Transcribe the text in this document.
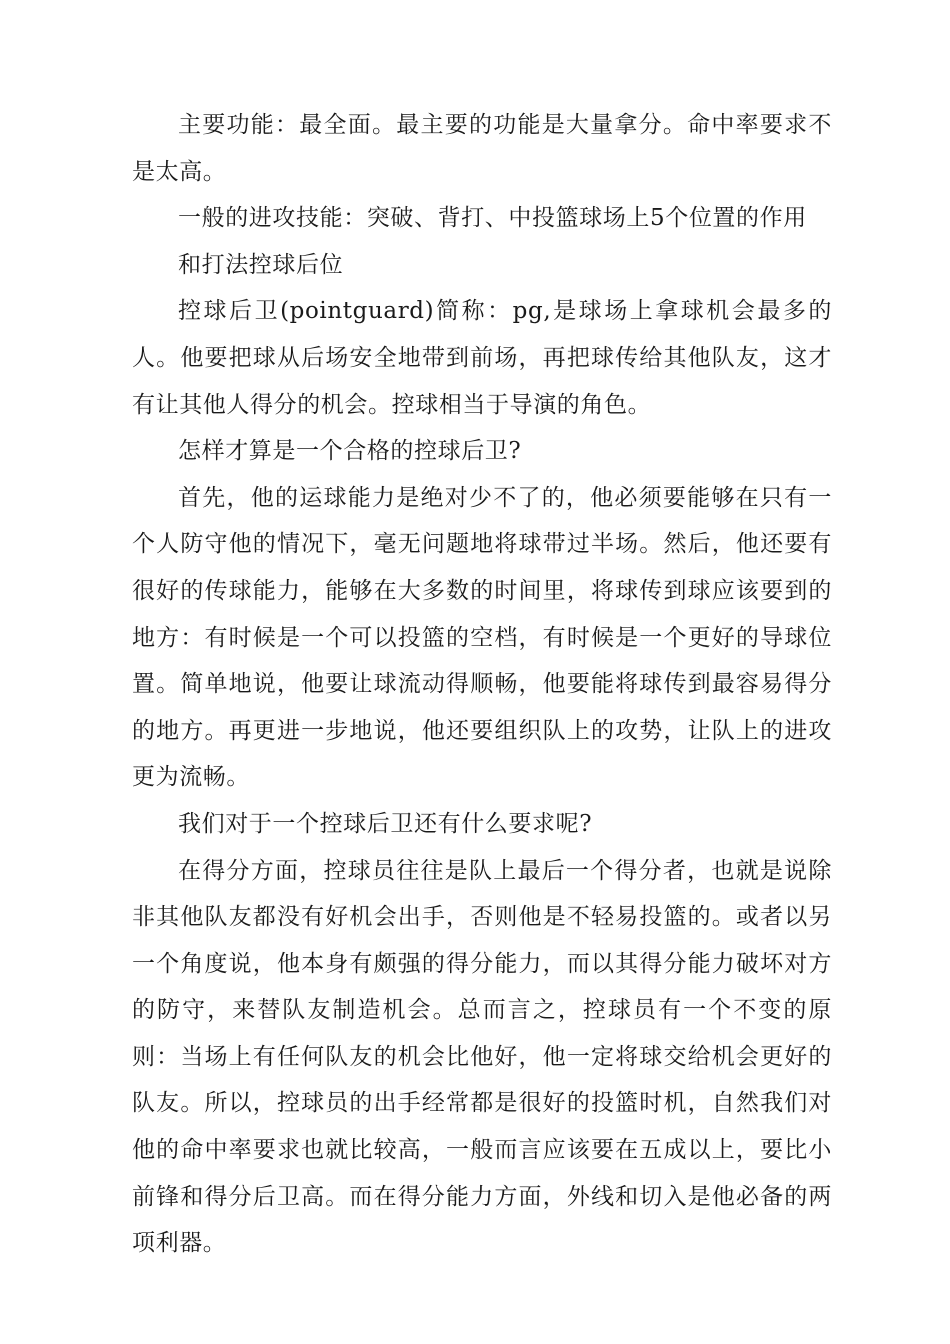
主要功能：最全面。最主要的功能是大量拿分。命中率要求不是太高。

一般的进攻技能：突破、背打、中投篮球场上5个位置的作用

和打法控球后位

控球后卫(pointguard)简称：pg,是球场上拿球机会最多的人。他要把球从后场安全地带到前场，再把球传给其他队友，这才有让其他人得分的机会。控球相当于导演的角色。

怎样才算是一个合格的控球后卫?

首先，他的运球能力是绝对少不了的，他必须要能够在只有一个人防守他的情况下，毫无问题地将球带过半场。然后，他还要有很好的传球能力，能够在大多数的时间里，将球传到球应该要到的地方：有时候是一个可以投篮的空档，有时候是一个更好的导球位置。简单地说，他要让球流动得顺畅，他要能将球传到最容易得分的地方。再更进一步地说，他还要组织队上的攻势，让队上的进攻更为流畅。

我们对于一个控球后卫还有什么要求呢?

在得分方面，控球员往往是队上最后一个得分者，也就是说除非其他队友都没有好机会出手，否则他是不轻易投篮的。或者以另一个角度说，他本身有颇强的得分能力，而以其得分能力破坏对方的防守，来替队友制造机会。总而言之，控球员有一个不变的原则：当场上有任何队友的机会比他好，他一定将球交给机会更好的队友。所以，控球员的出手经常都是很好的投篮时机，自然我们对他的命中率要求也就比较高，一般而言应该要在五成以上，要比小前锋和得分后卫高。而在得分能力方面，外线和切入是他必备的两项利器。
